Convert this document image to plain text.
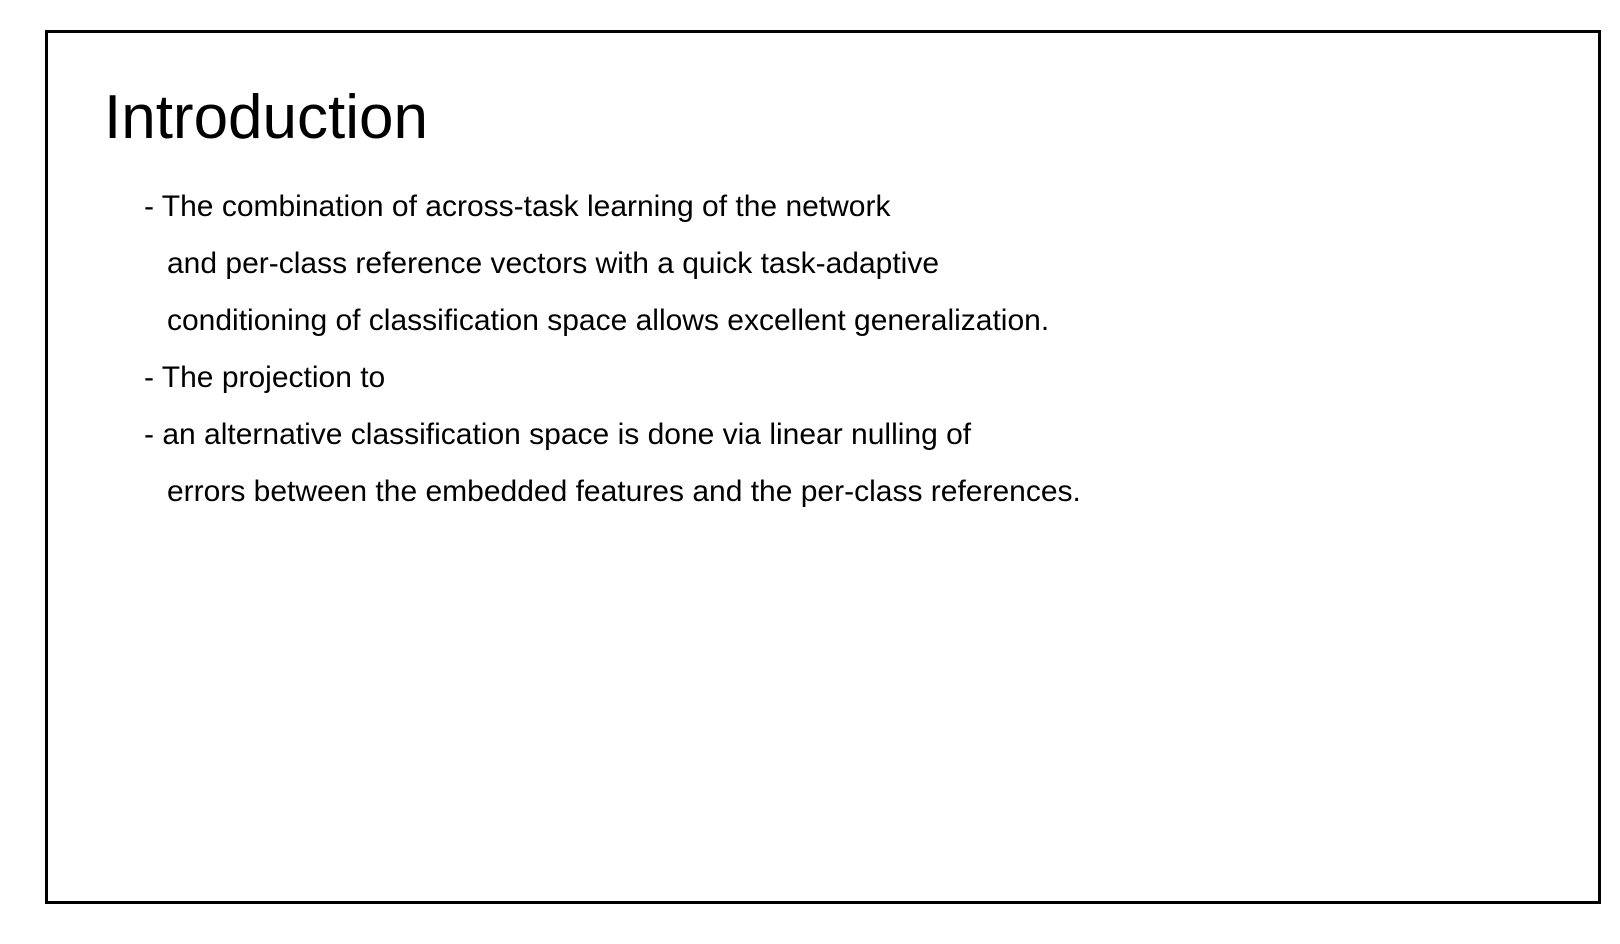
Introduction
- The combination of across-task learning of the network
and per-class reference vectors with a quick task-adaptive
conditioning of classification space allows excellent generalization.
- The projection to
- an alternative classification space is done via linear nulling of
errors between the embedded features and the per-class references.
